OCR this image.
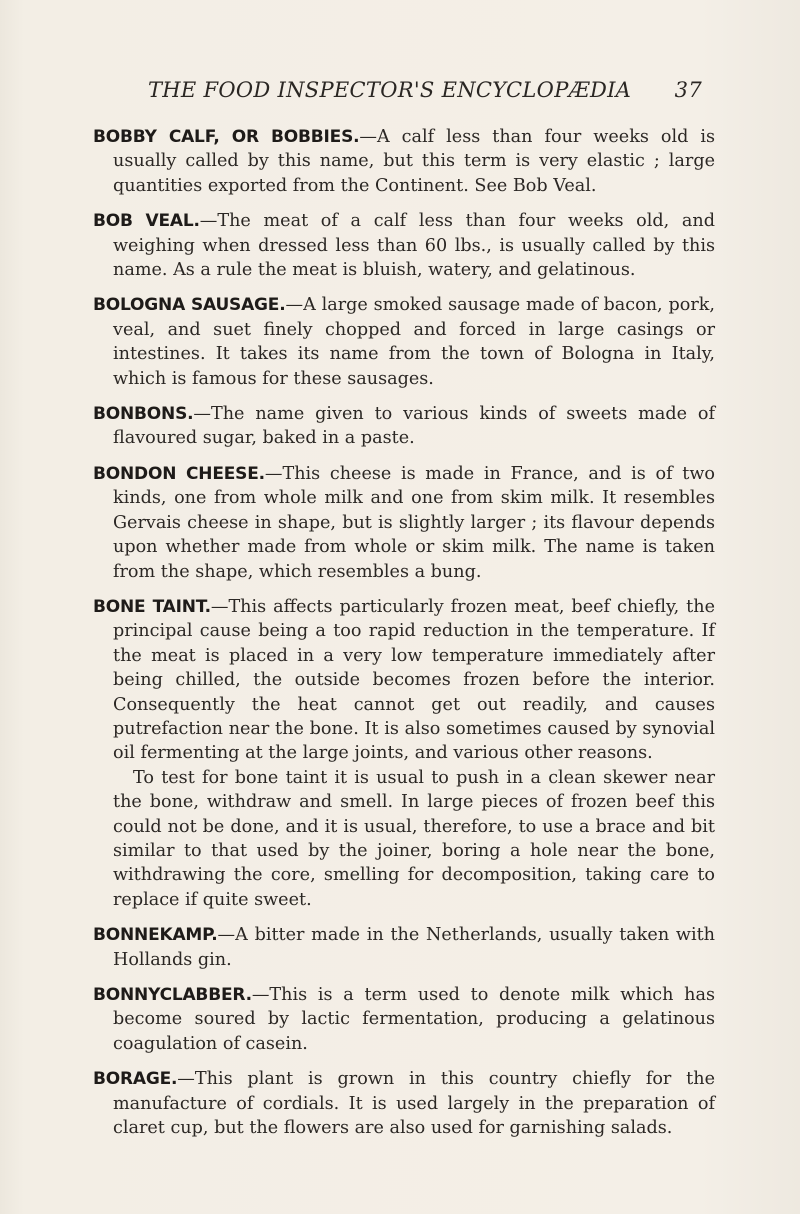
THE FOOD INSPECTOR'S ENCYCLOPÆDIA 37

BOBBY CALF, OR BOBBIES.—A calf less than four weeks old is usually called by this name, but this term is very elastic ; large quantities exported from the Continent. See Bob Veal.

BOB VEAL.—The meat of a calf less than four weeks old, and weighing when dressed less than 60 lbs., is usually called by this name. As a rule the meat is bluish, watery, and gelatinous.

BOLOGNA SAUSAGE.—A large smoked sausage made of bacon, pork, veal, and suet finely chopped and forced in large casings or intestines. It takes its name from the town of Bologna in Italy, which is famous for these sausages.

BONBONS.—The name given to various kinds of sweets made of flavoured sugar, baked in a paste.

BONDON CHEESE.—This cheese is made in France, and is of two kinds, one from whole milk and one from skim milk. It resembles Gervais cheese in shape, but is slightly larger ; its flavour depends upon whether made from whole or skim milk. The name is taken from the shape, which resembles a bung.

BONE TAINT.—This affects particularly frozen meat, beef chiefly, the principal cause being a too rapid reduction in the temperature. If the meat is placed in a very low temperature immediately after being chilled, the outside becomes frozen before the interior. Consequently the heat cannot get out readily, and causes putrefaction near the bone. It is also sometimes caused by synovial oil fermenting at the large joints, and various other reasons.
To test for bone taint it is usual to push in a clean skewer near the bone, withdraw and smell. In large pieces of frozen beef this could not be done, and it is usual, therefore, to use a brace and bit similar to that used by the joiner, boring a hole near the bone, withdrawing the core, smelling for decomposition, taking care to replace if quite sweet.

BONNEKAMP.—A bitter made in the Netherlands, usually taken with Hollands gin.

BONNYCLABBER.—This is a term used to denote milk which has become soured by lactic fermentation, producing a gelatinous coagulation of casein.

BORAGE.—This plant is grown in this country chiefly for the manufacture of cordials. It is used largely in the preparation of claret cup, but the flowers are also used for garnishing salads.
